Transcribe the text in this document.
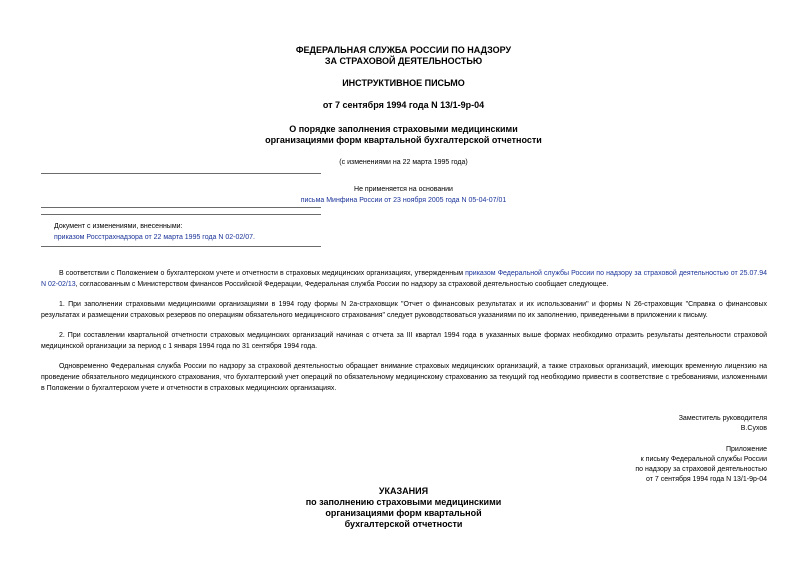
ФЕДЕРАЛЬНАЯ СЛУЖБА РОССИИ ПО НАДЗОРУ
ЗА СТРАХОВОЙ ДЕЯТЕЛЬНОСТЬЮ
ИНСТРУКТИВНОЕ ПИСЬМО
от 7 сентября 1994 года N 13/1-9р-04
О порядке заполнения страховыми медицинскими
организациями форм квартальной бухгалтерской отчетности
(с изменениями на 22 марта 1995 года)
Не применяется на основании
письма Минфина России от 23 ноября 2005 года N 05-04-07/01
Документ с изменениями, внесенными:
приказом Росстрахнадзора от 22 марта 1995 года N 02-02/07.
В соответствии с Положением о бухгалтерском учете и отчетности в страховых медицинских организациях, утвержденным приказом Федеральной службы России по надзору за страховой деятельностью от 25.07.94 N 02-02/13, согласованным с Министерством финансов Российской Федерации, Федеральная служба России по надзору за страховой деятельностью сообщает следующее.
1. При заполнении страховыми медицинскими организациями в 1994 году формы N 2а-страховщик "Отчет о финансовых результатах и их использовании" и формы N 26-страховщик "Справка о финансовых результатах и размещении страховых резервов по операциям обязательного медицинского страхования" следует руководствоваться указаниями по их заполнению, приведенными в приложении к письму.
2. При составлении квартальной отчетности страховых медицинских организаций начиная с отчета за III квартал 1994 года в указанных выше формах необходимо отразить результаты деятельности страховой медицинской организации за период с 1 января 1994 года по 31 сентября 1994 года.
Одновременно Федеральная служба России по надзору за страховой деятельностью обращает внимание страховых медицинских организаций, а также страховых организаций, имеющих временную лицензию на проведение обязательного медицинского страхования, что бухгалтерский учет операций по обязательному медицинскому страхованию за текущий год необходимо привести в соответствие с требованиями, изложенными в Положении о бухгалтерском учете и отчетности в страховых медицинских организациях.
Заместитель руководителя
В.Сухов
Приложение
к письму Федеральной службы России
по надзору за страховой деятельностью
от 7 сентября 1994 года N 13/1-9р-04
УКАЗАНИЯ
по заполнению страховыми медицинскими
организациями форм квартальной
бухгалтерской отчетности
